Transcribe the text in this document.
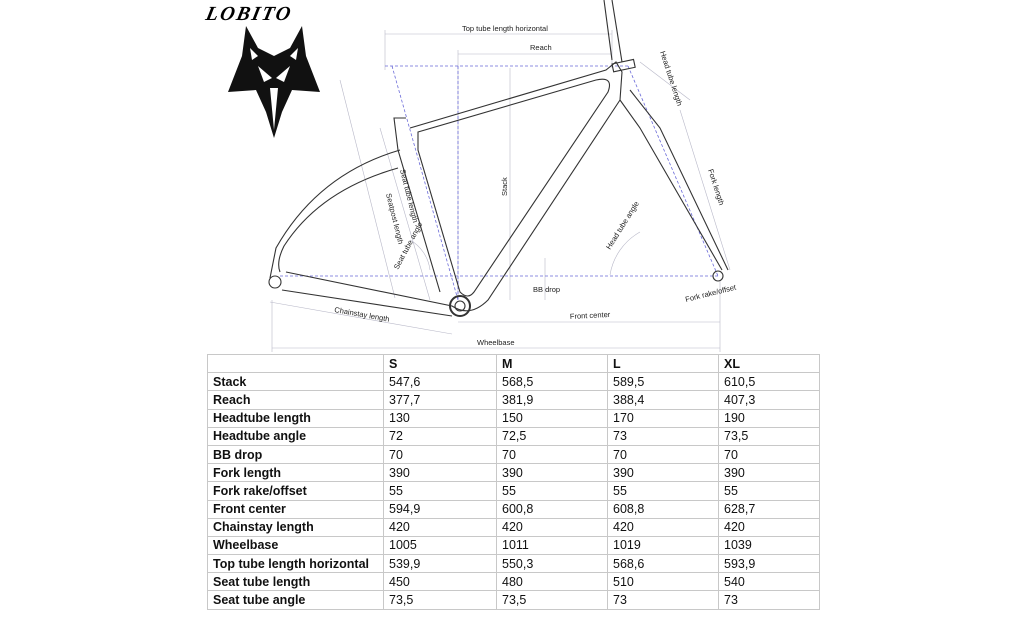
LOBITO
Top tube length horizontal
Reach
Head tube length
Stack
Seat tube length
Seatpost length
Seat tube angle	Head tube angle
Fork length
BB drop	Fork rake/offset
Chainstay length	Front center
Wheelbase
	S	M	L	XL
Stack	547,6	568,5	589,5	610,5
Reach	377,7	381,9	388,4	407,3
Headtube length	130	150	170	190
Headtube angle	72	72,5	73	73,5
BB drop	70	70	70	70
Fork length	390	390	390	390
Fork rake/offset	55	55	55	55
Front center	594,9	600,8	608,8	628,7
Chainstay length	420	420	420	420
Wheelbase	1005	1011	1019	1039
Top tube length horizontal	539,9	550,3	568,6	593,9
Seat tube length	450	480	510	540
Seat tube angle	73,5	73,5	73	73
